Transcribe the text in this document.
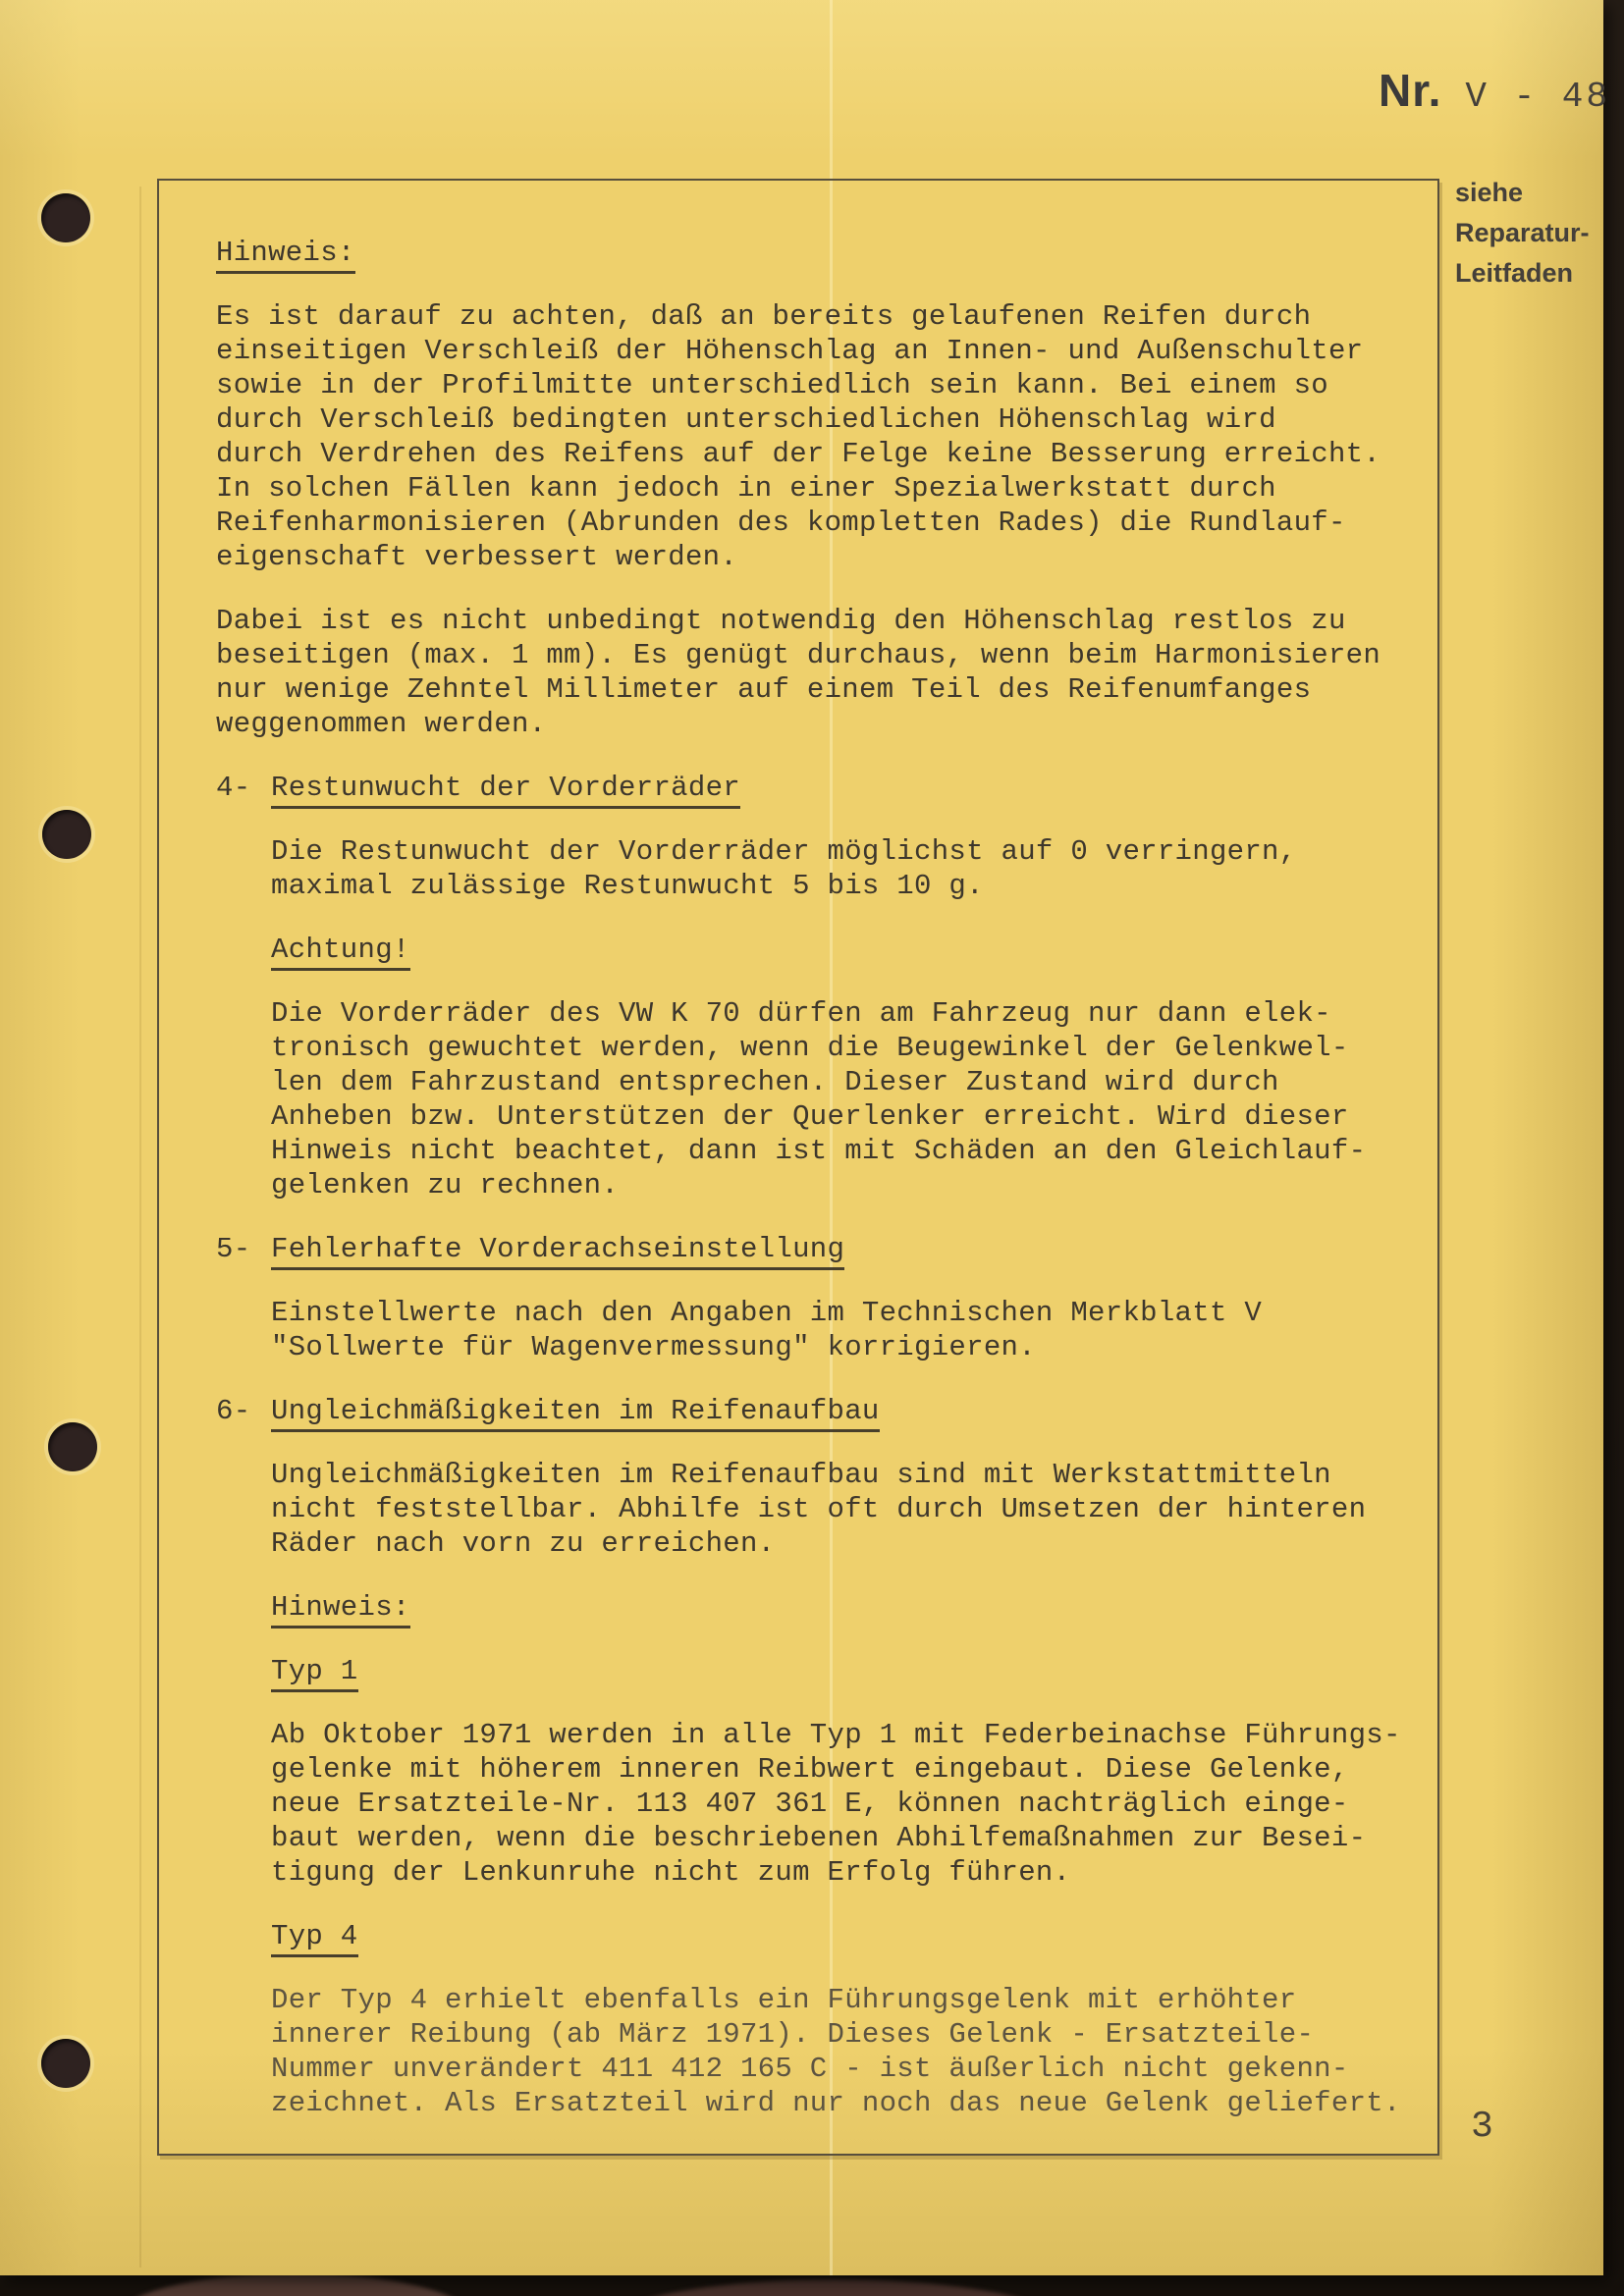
Nr. V - 48
siehe
Reparatur-
Leitfaden
Hinweis:
Es ist darauf zu achten, daß an bereits gelaufenen Reifen durch
einseitigen Verschleiß der Höhenschlag an Innen- und Außenschulter
sowie in der Profilmitte unterschiedlich sein kann. Bei einem so
durch Verschleiß bedingten unterschiedlichen Höhenschlag wird
durch Verdrehen des Reifens auf der Felge keine Besserung erreicht.
In solchen Fällen kann jedoch in einer Spezialwerkstatt durch
Reifenharmonisieren (Abrunden des kompletten Rades) die Rundlauf-
eigenschaft verbessert werden.
Dabei ist es nicht unbedingt notwendig den Höhenschlag restlos zu
beseitigen (max. 1 mm). Es genügt durchaus, wenn beim Harmonisieren
nur wenige Zehntel Millimeter auf einem Teil des Reifenumfanges
weggenommen werden.
4- Restunwucht der Vorderräder
Die Restunwucht der Vorderräder möglichst auf 0 verringern,
maximal zulässige Restunwucht 5 bis 10 g.
Achtung!
Die Vorderräder des VW K 70 dürfen am Fahrzeug nur dann elek-
tronisch gewuchtet werden, wenn die Beugewinkel der Gelenkwel-
len dem Fahrzustand entsprechen. Dieser Zustand wird durch
Anheben bzw. Unterstützen der Querlenker erreicht. Wird dieser
Hinweis nicht beachtet, dann ist mit Schäden an den Gleichlauf-
gelenken zu rechnen.
5- Fehlerhafte Vorderachseinstellung
Einstellwerte nach den Angaben im Technischen Merkblatt V
"Sollwerte für Wagenvermessung" korrigieren.
6- Ungleichmäßigkeiten im Reifenaufbau
Ungleichmäßigkeiten im Reifenaufbau sind mit Werkstattmitteln
nicht feststellbar. Abhilfe ist oft durch Umsetzen der hinteren
Räder nach vorn zu erreichen.
Hinweis:
Typ 1
Ab Oktober 1971 werden in alle Typ 1 mit Federbeinachse Führungs-
gelenke mit höherem inneren Reibwert eingebaut. Diese Gelenke,
neue Ersatzteile-Nr. 113 407 361 E, können nachträglich einge-
baut werden, wenn die beschriebenen Abhilfemaßnahmen zur Besei-
tigung der Lenkunruhe nicht zum Erfolg führen.
Typ 4
Der Typ 4 erhielt ebenfalls ein Führungsgelenk mit erhöhter
innerer Reibung (ab März 1971). Dieses Gelenk - Ersatzteile-
Nummer unverändert 411 412 165 C - ist äußerlich nicht gekenn-
zeichnet. Als Ersatzteil wird nur noch das neue Gelenk geliefert.
3
